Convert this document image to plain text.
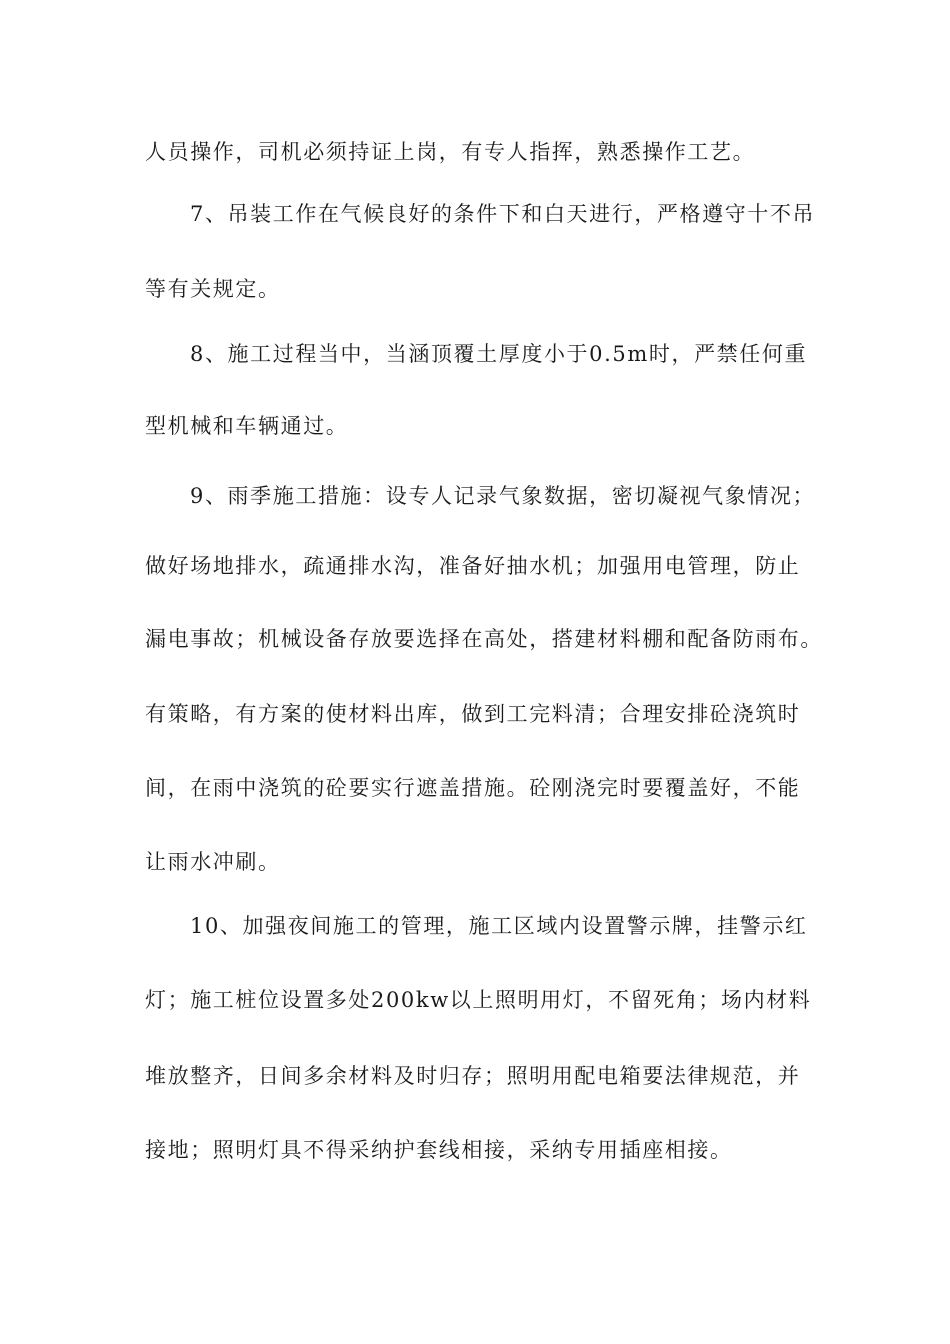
人员操作，司机必须持证上岗，有专人指挥，熟悉操作工艺。
7、吊装工作在气候良好的条件下和白天进行，严格遵守十不吊
等有关规定。
8、施工过程当中，当涵顶覆土厚度小于0.5m时，严禁任何重
型机械和车辆通过。
9、雨季施工措施：设专人记录气象数据，密切凝视气象情况；
做好场地排水，疏通排水沟，准备好抽水机；加强用电管理，防止
漏电事故；机械设备存放要选择在高处，搭建材料棚和配备防雨布。
有策略，有方案的使材料出库，做到工完料清；合理安排砼浇筑时
间，在雨中浇筑的砼要实行遮盖措施。砼刚浇完时要覆盖好，不能
让雨水冲刷。
10、加强夜间施工的管理，施工区域内设置警示牌，挂警示红
灯；施工桩位设置多处200kw以上照明用灯，不留死角；场内材料
堆放整齐，日间多余材料及时归存；照明用配电箱要法律规范，并
接地；照明灯具不得采纳护套线相接，采纳专用插座相接。
